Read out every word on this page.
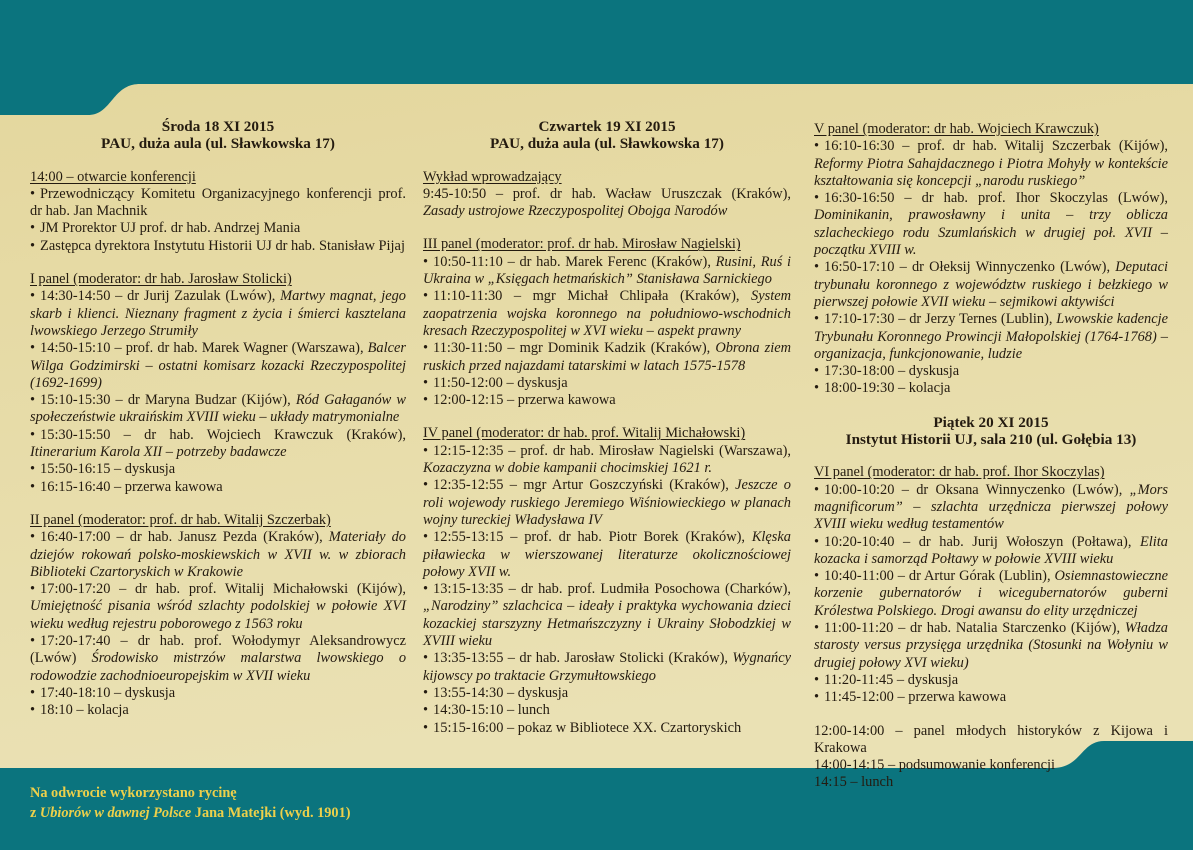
Środa 18 XI 2015
PAU, duża aula (ul. Sławkowska 17)
14:00 – otwarcie konferencji
• Przewodniczący Komitetu Organizacyjnego konferencji prof. dr hab. Jan Machnik
• JM Prorektor UJ prof. dr hab. Andrzej Mania
• Zastępca dyrektora Instytutu Historii UJ dr hab. Stanisław Pijaj
I panel (moderator: dr hab. Jarosław Stolicki)
• 14:30-14:50 – dr Jurij Zazulak (Lwów), Martwy magnat, jego skarb i klienci. Nieznany fragment z życia i śmierci kasztelana lwowskiego Jerzego Strumiły
• 14:50-15:10 – prof. dr hab. Marek Wagner (Warszawa), Balcer Wilga Godzimirski – ostatni komisarz kozacki Rzeczypospolitej (1692-1699)
• 15:10-15:30 – dr Maryna Budzar (Kijów), Ród Gałaganów w społeczeństwie ukraińskim XVIII wieku – układy matrymonialne
• 15:30-15:50 – dr hab. Wojciech Krawczuk (Kraków), Itinerarium Karola XII – potrzeby badawcze
• 15:50-16:15 – dyskusja
• 16:15-16:40 – przerwa kawowa
II panel (moderator: prof. dr hab. Witalij Szczerbak)
• 16:40-17:00 – dr hab. Janusz Pezda (Kraków), Materiały do dziejów rokowań polsko-moskiewskich w XVII w. w zbiorach Biblioteki Czartoryskich w Krakowie
• 17:00-17:20 – dr hab. prof. Witalij Michałowski (Kijów), Umiejętność pisania wśród szlachty podolskiej w połowie XVI wieku według rejestru poborowego z 1563 roku
• 17:20-17:40 – dr hab. prof. Wołodymyr Aleksandrowycz (Lwów) Środowisko mistrzów malarstwa lwowskiego o rodowodzie zachodnioeuropejskim w XVII wieku
• 17:40-18:10 – dyskusja
• 18:10 – kolacja
Czwartek 19 XI 2015
PAU, duża aula (ul. Sławkowska 17)
Wykład wprowadzający
9:45-10:50 – prof. dr hab. Wacław Uruszczak (Kraków), Zasady ustrojowe Rzeczypospolitej Obojga Narodów
III panel (moderator: prof. dr hab. Mirosław Nagielski)
• 10:50-11:10 – dr hab. Marek Ferenc (Kraków), Rusini, Ruś i Ukraina w „Księgach hetmańskich” Stanisława Sarnickiego
• 11:10-11:30 – mgr Michał Chlipała (Kraków), System zaopatrzenia wojska koronnego na południowo-wschodnich kresach Rzeczypospolitej w XVI wieku – aspekt prawny
• 11:30-11:50 – mgr Dominik Kadzik (Kraków), Obrona ziem ruskich przed najazdami tatarskimi w latach 1575-1578
• 11:50-12:00 – dyskusja
• 12:00-12:15 – przerwa kawowa
IV panel (moderator: dr hab. prof. Witalij Michałowski)
• 12:15-12:35 – prof. dr hab. Mirosław Nagielski (Warszawa), Kozaczyzna w dobie kampanii chocimskiej 1621 r.
• 12:35-12:55 – mgr Artur Goszczyński (Kraków), Jeszcze o roli wojewody ruskiego Jeremiego Wiśniowieckiego w planach wojny tureckiej Władysława IV
• 12:55-13:15 – prof. dr hab. Piotr Borek (Kraków), Klęska piławiecka w wierszowanej literaturze okolicznościowej połowy XVII w.
• 13:15-13:35 – dr hab. prof. Ludmiła Posochowa (Charków), „Narodziny” szlachcica – ideały i praktyka wychowania dzieci kozackiej starszyzny Hetmańszczyzny i Ukrainy Słobodzkiej w XVIII wieku
• 13:35-13:55 – dr hab. Jarosław Stolicki (Kraków), Wygnańcy kijowscy po traktacie Grzymułtowskiego
• 13:55-14:30 – dyskusja
• 14:30-15:10 – lunch
• 15:15-16:00 – pokaz w Bibliotece XX. Czartoryskich
V panel (moderator: dr hab. Wojciech Krawczuk)
• 16:10-16:30 – prof. dr hab. Witalij Szczerbak (Kijów), Reformy Piotra Sahajdacznego i Piotra Mohyły w kontekście kształtowania się koncepcji „narodu ruskiego”
• 16:30-16:50 – dr hab. prof. Ihor Skoczylas (Lwów), Dominikanin, prawosławny i unita – trzy oblicza szlacheckiego rodu Szumlańskich w drugiej poł. XVII – początku XVIII w.
• 16:50-17:10 – dr Ołeksij Winnyczenko (Lwów), Deputaci trybunału koronnego z województw ruskiego i bełzkiego w pierwszej połowie XVII wieku – sejmikowi aktywiści
• 17:10-17:30 – dr Jerzy Ternes (Lublin), Lwowskie kadencje Trybunału Koronnego Prowincji Małopolskiej (1764-1768) – organizacja, funkcjonowanie, ludzie
• 17:30-18:00 – dyskusja
• 18:00-19:30 – kolacja
Piątek 20 XI 2015
Instytut Historii UJ, sala 210 (ul. Gołębia 13)
VI panel (moderator: dr hab. prof. Ihor Skoczylas)
• 10:00-10:20 – dr Oksana Winnyczenko (Lwów), „Mors magnificorum” – szlachta urzędnicza pierwszej połowy XVIII wieku według testamentów
• 10:20-10:40 – dr hab. Jurij Wołoszyn (Połtawa), Elita kozacka i samorząd Połtawy w połowie XVIII wieku
• 10:40-11:00 – dr Artur Górak (Lublin), Osiemnastowieczne korzenie gubernatorów i wicegubernatorów guberni Królestwa Polskiego. Drogi awansu do elity urzędniczej
• 11:00-11:20 – dr hab. Natalia Starczenko (Kijów), Władza starosty versus przysięga urzędnika (Stosunki na Wołyniu w drugiej połowy XVI wieku)
• 11:20-11:45 – dyskusja
• 11:45-12:00 – przerwa kawowa
12:00-14:00 – panel młodych historyków z Kijowa i Krakowa
14:00-14:15 – podsumowanie konferencji
14:15 – lunch
Na odwrocie wykorzystano rycinę
z Ubiorów w dawnej Polsce Jana Matejki (wyd. 1901)
